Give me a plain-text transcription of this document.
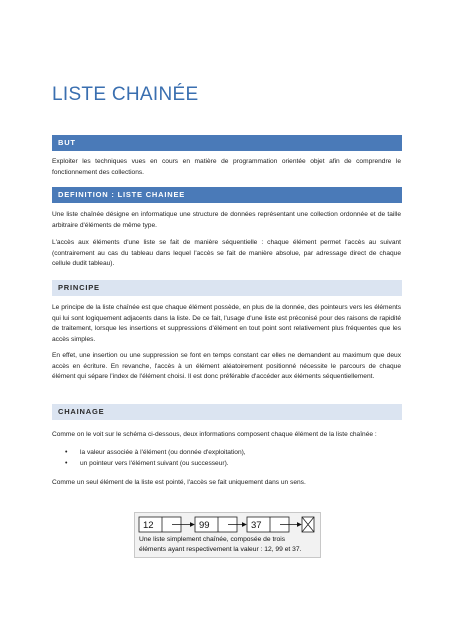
LISTE CHAINÉE
BUT

Exploiter les techniques vues en cours en matière de programmation orientée objet afin de comprendre le fonctionnement des collections.

DEFINITION : LISTE CHAINEE

Une liste chaînée désigne en informatique une structure de données représentant une collection ordonnée et de taille arbitraire d'éléments de même type.

L'accès aux éléments d'une liste se fait de manière séquentielle : chaque élément permet l'accès au suivant (contrairement au cas du tableau dans lequel l'accès se fait de manière absolue, par adressage direct de chaque cellule dudit tableau).

PRINCIPE

Le principe de la liste chaînée est que chaque élément possède, en plus de la donnée, des pointeurs vers les éléments qui lui sont logiquement adjacents dans la liste. De ce fait, l'usage d'une liste est préconisé pour des raisons de rapidité de traitement, lorsque les insertions et suppressions d'élément en tout point sont relativement plus fréquentes que les accès simples.

En effet, une insertion ou une suppression se font en temps constant car elles ne demandent au maximum que deux accès en écriture. En revanche, l'accès à un élément aléatoirement positionné nécessite le parcours de chaque élément qui sépare l'index de l'élément choisi. Il est donc préférable d'accéder aux éléments séquentiellement.

CHAINAGE

Comme on le voit sur le schéma ci-dessous, deux informations composent chaque élément de la liste chaînée :

• la valeur associée à l'élément (ou donnée d'exploitation),
• un pointeur vers l'élément suivant (ou successeur).

Comme un seul élément de la liste est pointé, l'accès se fait uniquement dans un sens.

12	99	37
Une liste simplement chaînée, composée de trois
éléments ayant respectivement la valeur : 12, 99 et 37.
